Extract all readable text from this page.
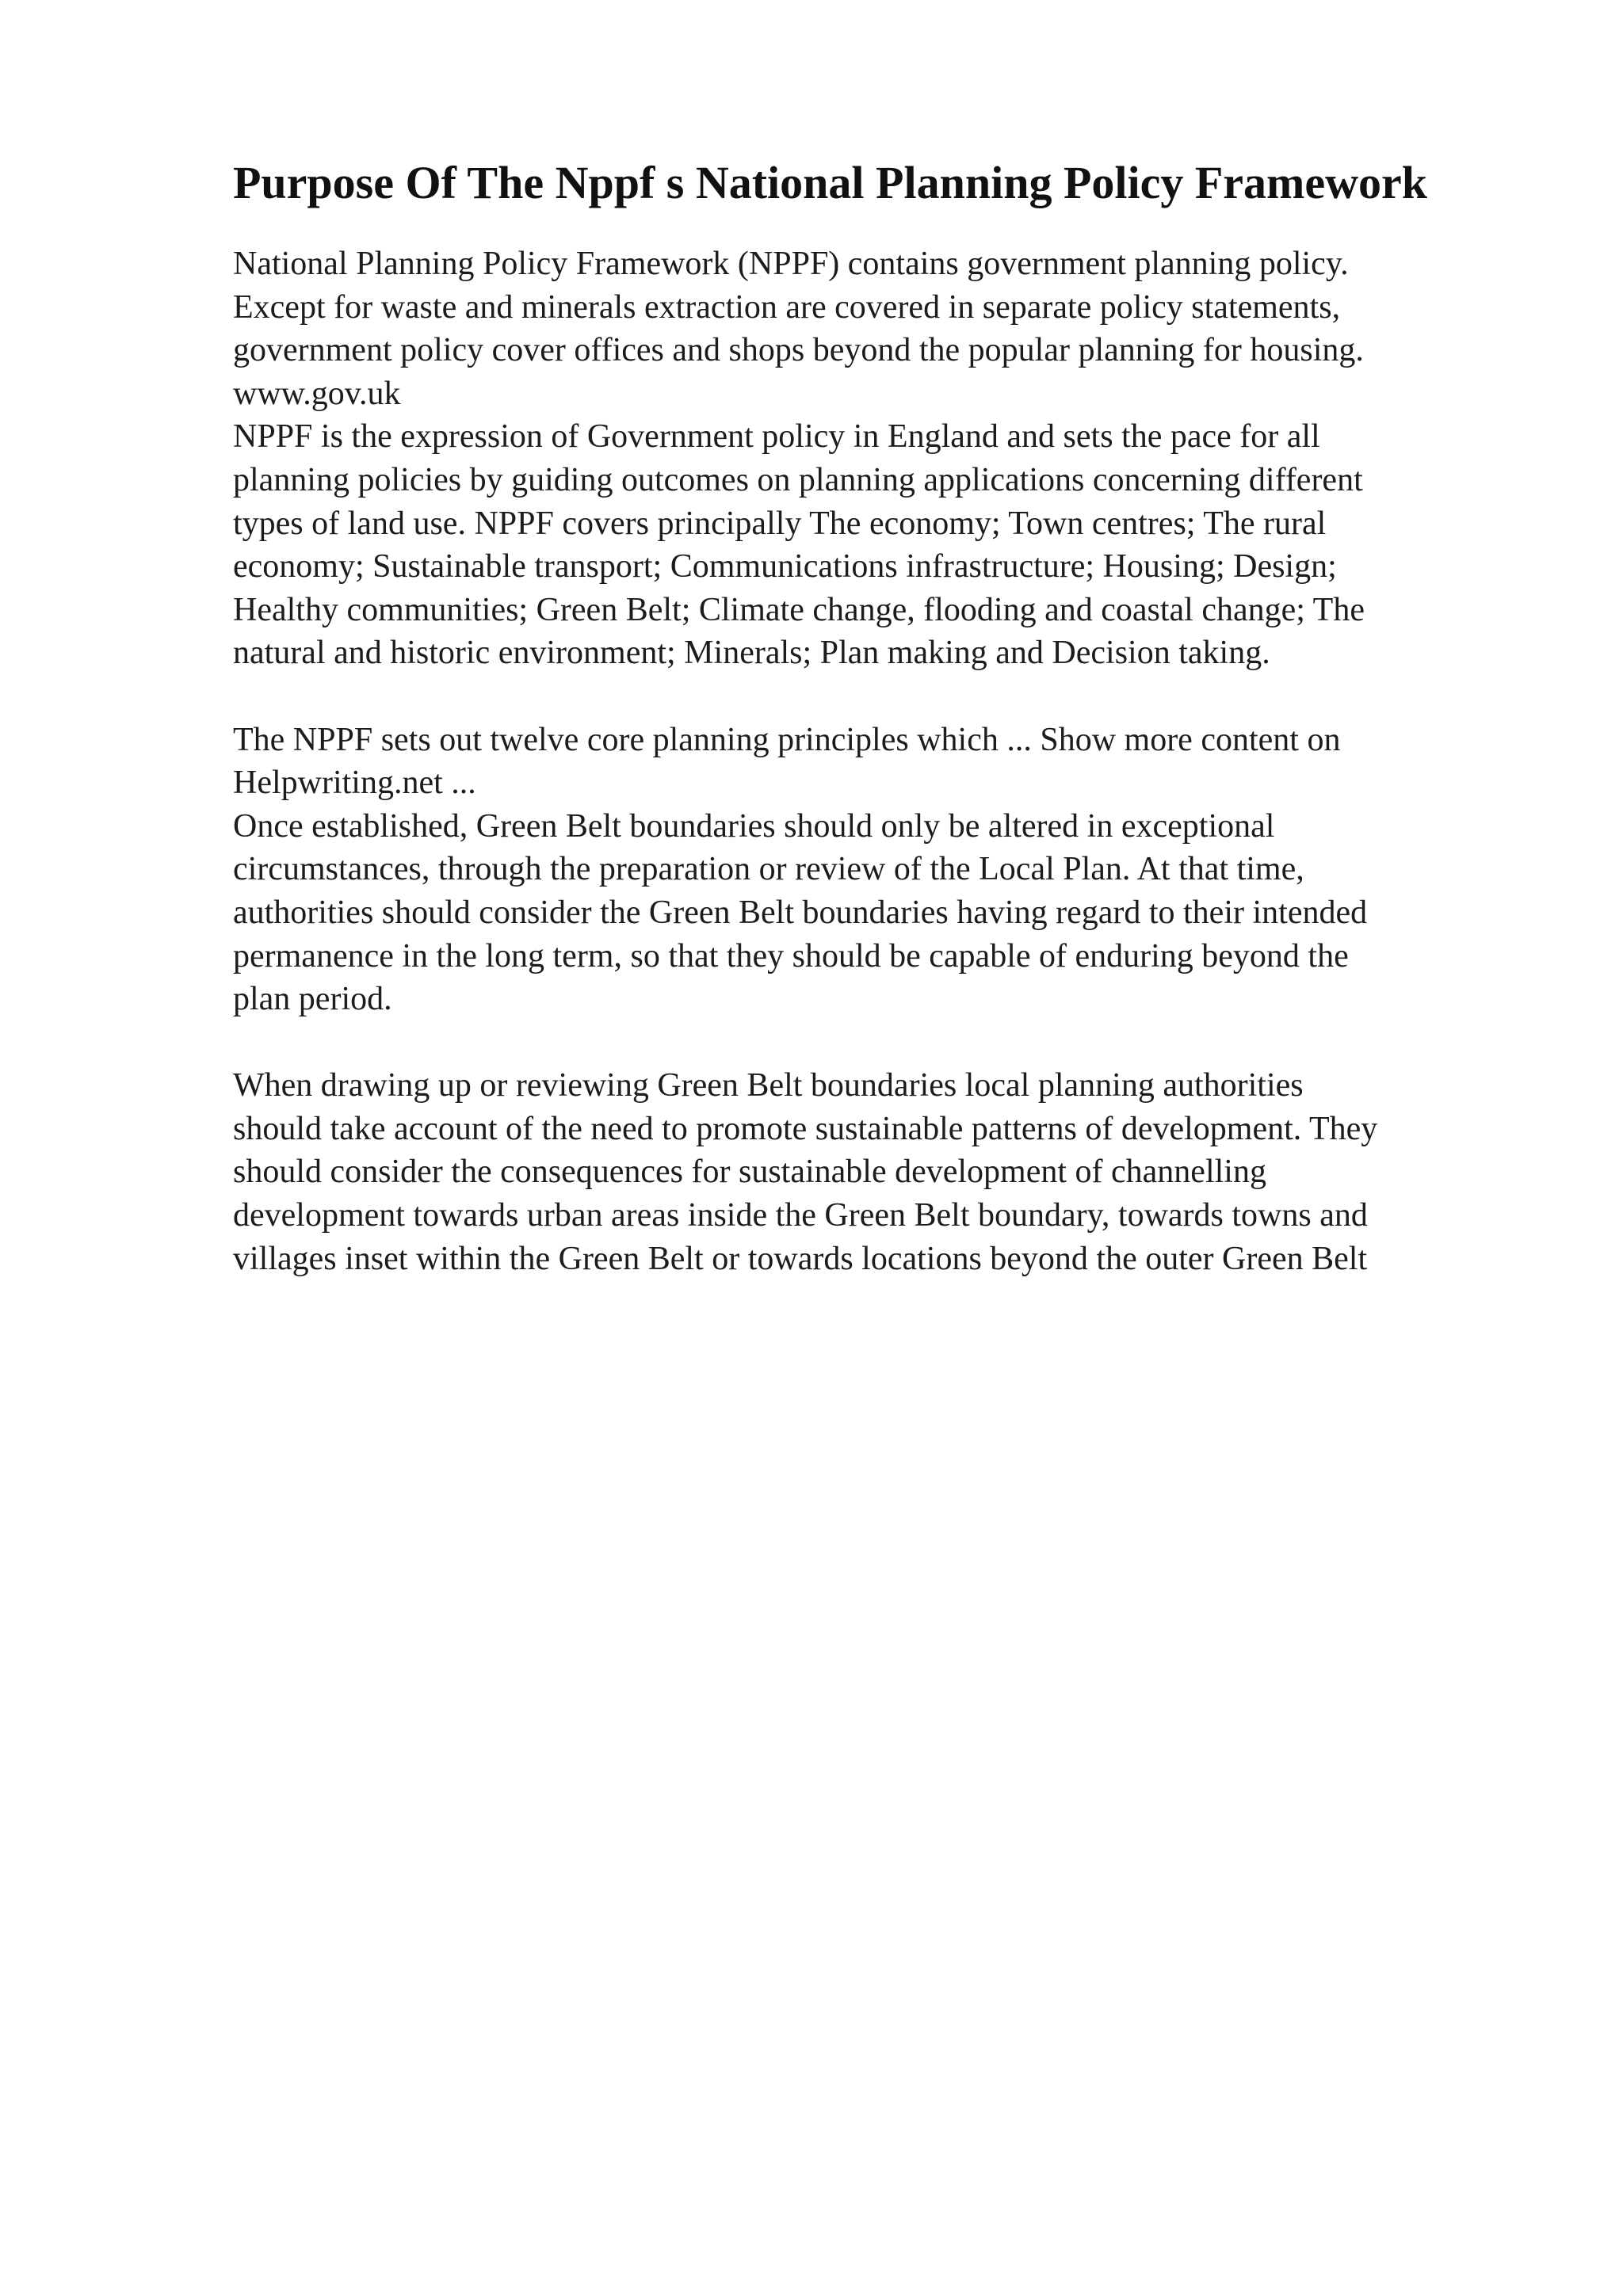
Purpose Of The Nppf s National Planning Policy Framework
National Planning Policy Framework (NPPF) contains government planning policy.
Except for waste and minerals extraction are covered in separate policy statements,
government policy cover offices and shops beyond the popular planning for housing.
www.gov.uk
NPPF is the expression of Government policy in England and sets the pace for all
planning policies by guiding outcomes on planning applications concerning different
types of land use. NPPF covers principally The economy; Town centres; The rural
economy; Sustainable transport; Communications infrastructure; Housing; Design;
Healthy communities; Green Belt; Climate change, flooding and coastal change; The
natural and historic environment; Minerals; Plan making and Decision taking.
The NPPF sets out twelve core planning principles which ... Show more content on
Helpwriting.net ...
Once established, Green Belt boundaries should only be altered in exceptional
circumstances, through the preparation or review of the Local Plan. At that time,
authorities should consider the Green Belt boundaries having regard to their intended
permanence in the long term, so that they should be capable of enduring beyond the
plan period.
When drawing up or reviewing Green Belt boundaries local planning authorities
should take account of the need to promote sustainable patterns of development. They
should consider the consequences for sustainable development of channelling
development towards urban areas inside the Green Belt boundary, towards towns and
villages inset within the Green Belt or towards locations beyond the outer Green Belt
